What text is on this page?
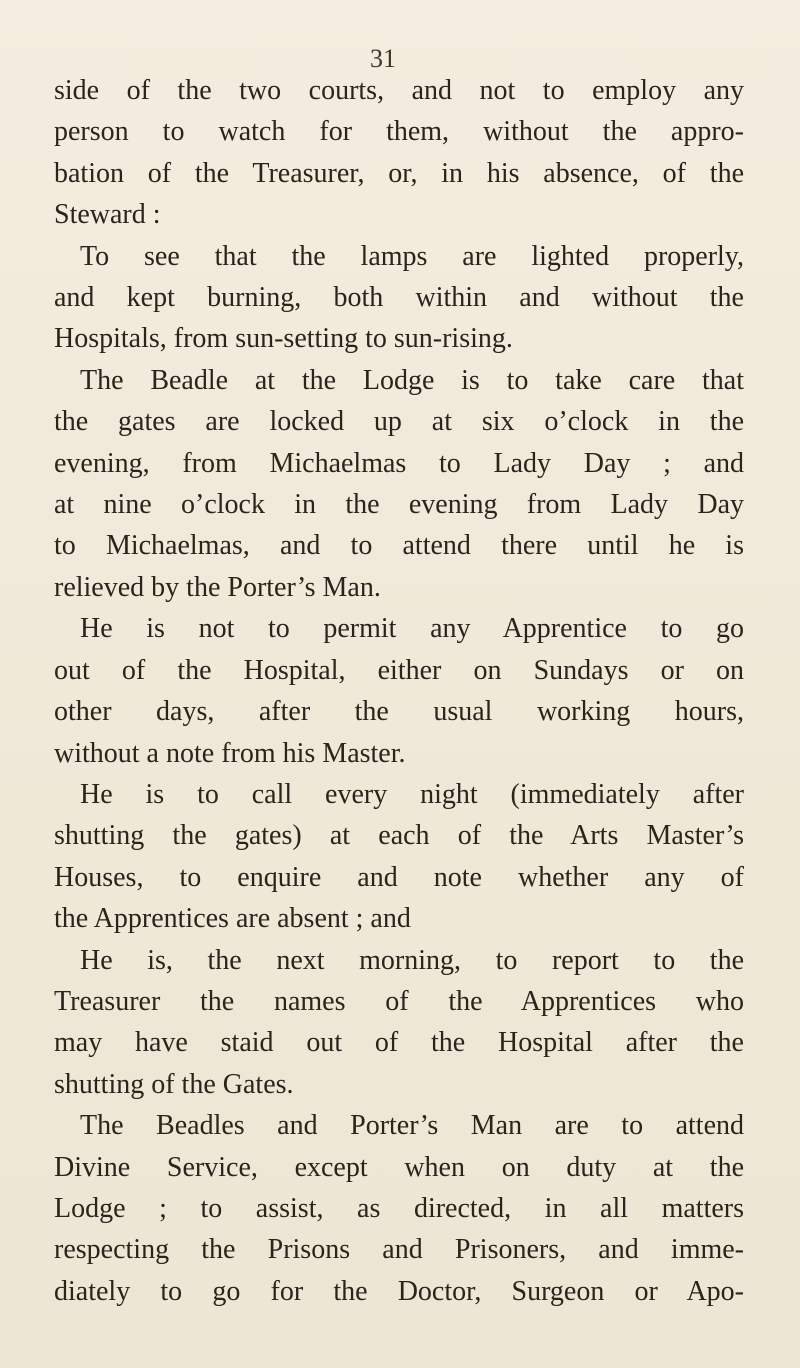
31
side of the two courts, and not to employ any
person to watch for them, without the appro-
bation of the Treasurer, or, in his absence, of the
Steward :
To see that the lamps are lighted properly,
and kept burning, both within and without the
Hospitals, from sun-setting to sun-rising.
The Beadle at the Lodge is to take care that
the gates are locked up at six o’clock in the
evening, from Michaelmas to Lady Day ; and
at nine o’clock in the evening from Lady Day
to Michaelmas, and to attend there until he is
relieved by the Porter’s Man.
He is not to permit any Apprentice to go
out of the Hospital, either on Sundays or on
other days, after the usual working hours,
without a note from his Master.
He is to call every night (immediately after
shutting the gates) at each of the Arts Master’s
Houses, to enquire and note whether any of
the Apprentices are absent ; and
He is, the next morning, to report to the
Treasurer the names of the Apprentices who
may have staid out of the Hospital after the
shutting of the Gates.
The Beadles and Porter’s Man are to attend
Divine Service, except when on duty at the
Lodge ; to assist, as directed, in all matters
respecting the Prisons and Prisoners, and imme-
diately to go for the Doctor, Surgeon or Apo-
